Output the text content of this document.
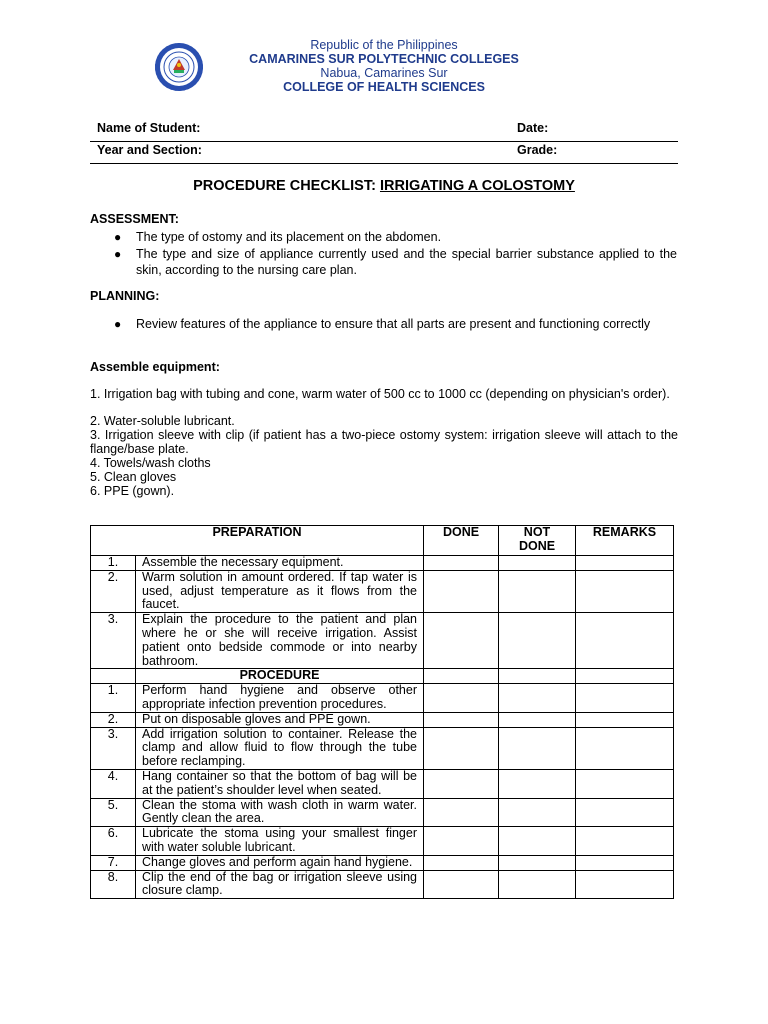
Republic of the Philippines
CAMARINES SUR POLYTECHNIC COLLEGES
Nabua, Camarines Sur
COLLEGE OF HEALTH SCIENCES
Name of Student:	Date:
Year and Section:	Grade:
PROCEDURE CHECKLIST: IRRIGATING A COLOSTOMY
ASSESSMENT:
● The type of ostomy and its placement on the abdomen.
● The type and size of appliance currently used and the special barrier substance applied to the skin, according to the nursing care plan.
PLANNING:
● Review features of the appliance to ensure that all parts are present and functioning correctly
Assemble equipment:
1. Irrigation bag with tubing and cone, warm water of 500 cc to 1000 cc (depending on physician's order).
2. Water-soluble lubricant.
3. Irrigation sleeve with clip (if patient has a two-piece ostomy system: irrigation sleeve will attach to the flange/base plate.
4. Towels/wash cloths
5. Clean gloves
6. PPE (gown).
PREPARATION		DONE	NOT DONE	REMARKS
1.	Assemble the necessary equipment.			
2.	Warm solution in amount ordered. If tap water is used, adjust temperature as it flows from the faucet.			
3.	Explain the procedure to the patient and plan where he or she will receive irrigation. Assist patient onto bedside commode or into nearby bathroom.			
	PROCEDURE			
1.	Perform hand hygiene and observe other appropriate infection prevention procedures.			
2.	Put on disposable gloves and PPE gown.			
3.	Add irrigation solution to container. Release the clamp and allow fluid to flow through the tube before reclamping.			
4.	Hang container so that the bottom of bag will be at the patient’s shoulder level when seated.			
5.	Clean the stoma with wash cloth in warm water. Gently clean the area.			
6.	Lubricate the stoma using your smallest finger with water soluble lubricant.			
7.	Change gloves and perform again hand hygiene.			
8.	Clip the end of the bag or irrigation sleeve using closure clamp.			
